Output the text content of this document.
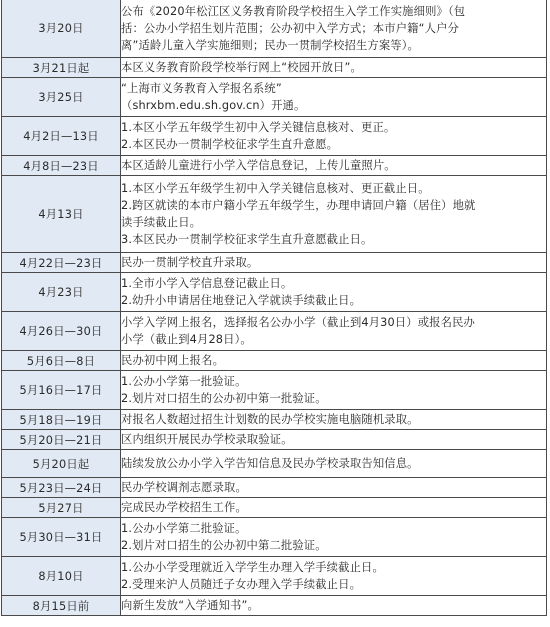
3月20日	公布《2020年松江区义务教育阶段学校招生入学工作实施细则》（包
括：公办小学招生划片范围；公办初中入学方式；本市户籍“人户分
离”适龄儿童入学实施细则；民办一贯制学校招生方案等）。

3月21日起	本区义务教育阶段学校举行网上“校园开放日”。

3月25日	“上海市义务教育入学报名系统”
（shrxbm.edu.sh.gov.cn）开通。

4月2日—13日	1.本区小学五年级学生初中入学关键信息核对、更正。
2.本区民办一贯制学校征求学生直升意愿。

4月8日—23日	本区适龄儿童进行小学入学信息登记，上传儿童照片。

4月13日	1.本区小学五年级学生初中入学关键信息核对、更正截止日。
2.跨区就读的本市户籍小学五年级学生，办理申请回户籍（居住）地就
读手续截止日。
3.本区民办一贯制学校征求学生直升意愿截止日。

4月22日—23日	民办一贯制学校直升录取。

4月23日	1.全市小学入学信息登记截止日。
2.幼升小申请居住地登记入学就读手续截止日。

4月26日—30日	小学入学网上报名，选择报名公办小学（截止到4月30日）或报名民办
小学（截止到4月28日）。

5月6日—8日	民办初中网上报名。

5月16日—17日	1.公办小学第一批验证。
2.划片对口招生的公办初中第一批验证。

5月18日—19日	对报名人数超过招生计划数的民办学校实施电脑随机录取。

5月20日—21日	区内组织开展民办学校录取验证。

5月20日起	陆续发放公办小学入学告知信息及民办学校录取告知信息。

5月23日—24日	民办学校调剂志愿录取。

5月27日	完成民办学校招生工作。

5月30日—31日	1.公办小学第二批验证。
2.划片对口招生的公办初中第二批验证。

8月10日	1.公办小学受理就近入学学生办理入学手续截止日。
2.受理来沪人员随迁子女办理入学手续截止日。

8月15日前	向新生发放“入学通知书”。
